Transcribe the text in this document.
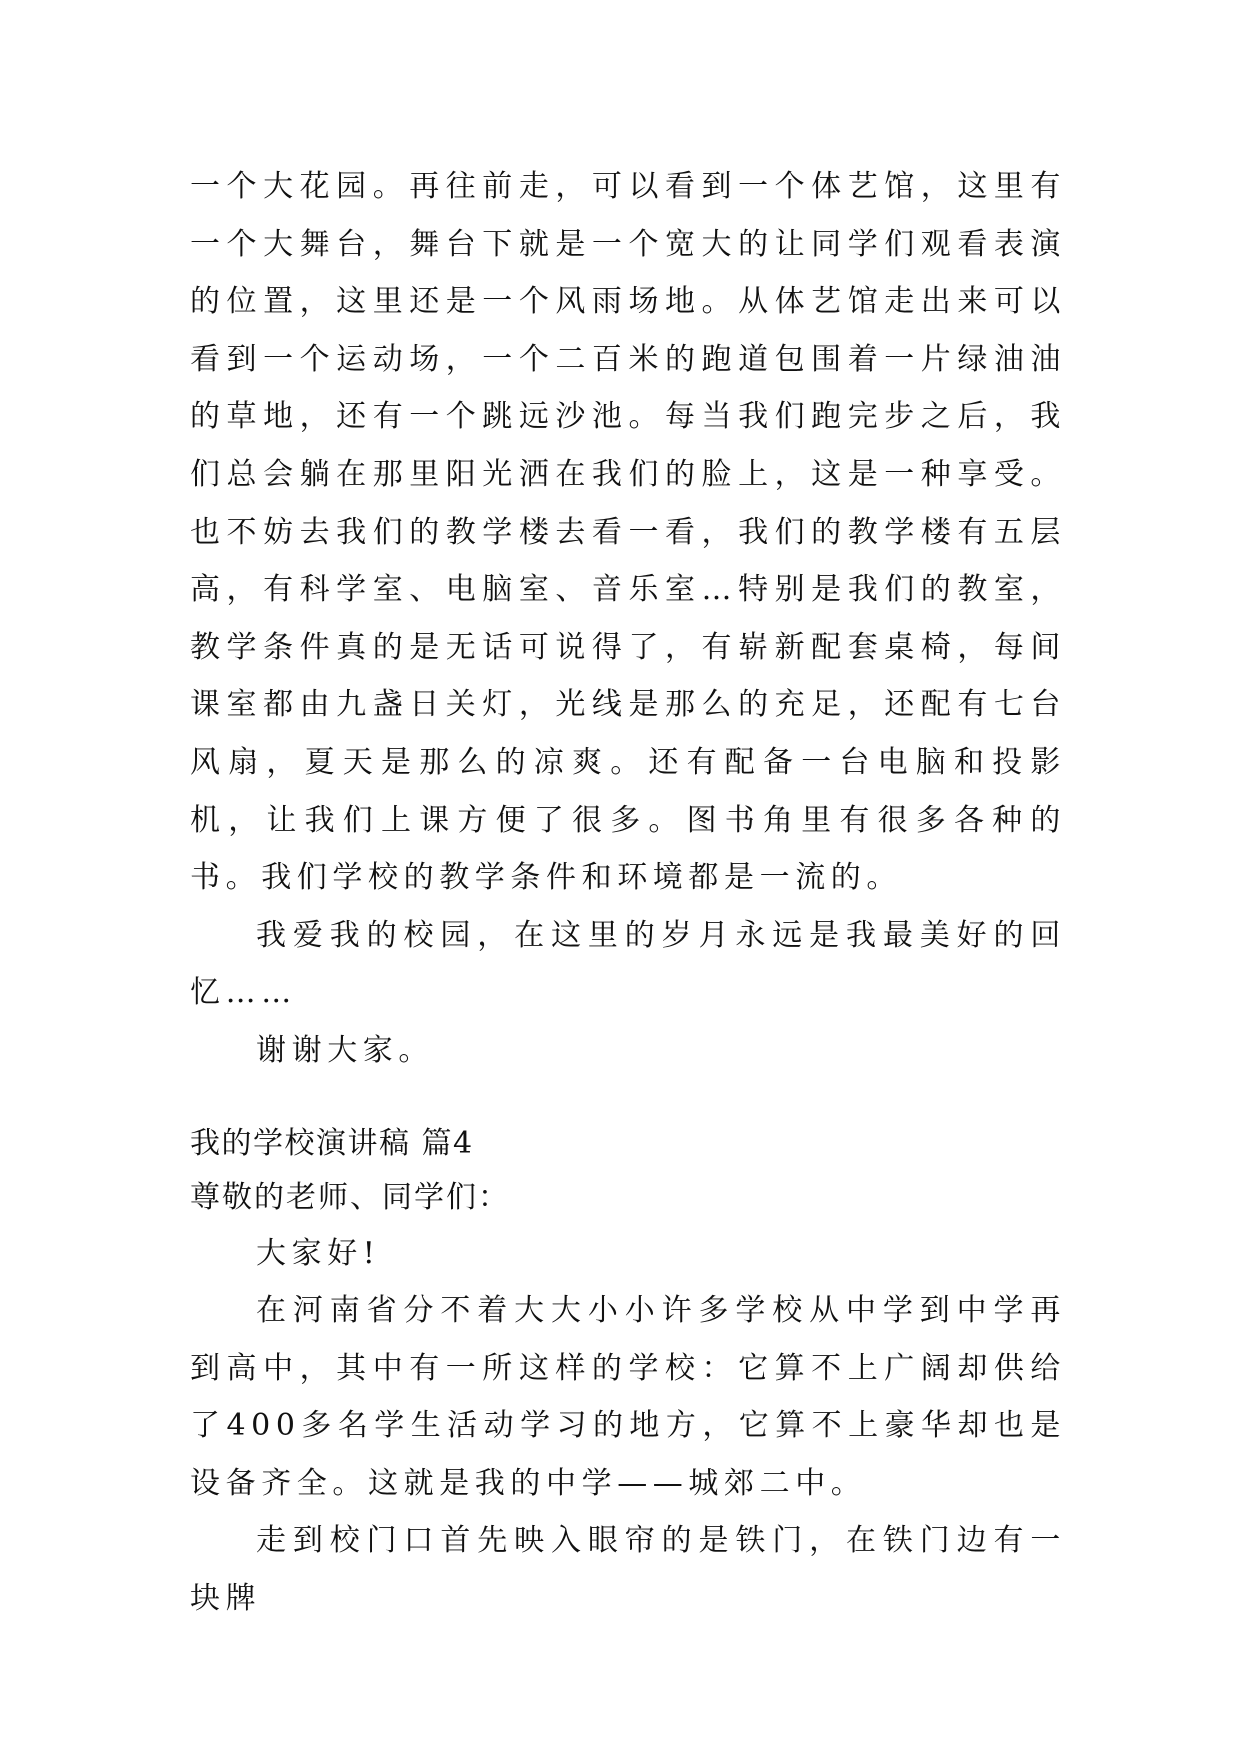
一个大花园。再往前走，可以看到一个体艺馆，这里有一个大舞台，舞台下就是一个宽大的让同学们观看表演的位置，这里还是一个风雨场地。从体艺馆走出来可以看到一个运动场，一个二百米的跑道包围着一片绿油油的草地，还有一个跳远沙池。每当我们跑完步之后，我们总会躺在那里阳光洒在我们的脸上，这是一种享受。也不妨去我们的教学楼去看一看，我们的教学楼有五层高，有科学室、电脑室、音乐室…特别是我们的教室，教学条件真的是无话可说得了，有崭新配套桌椅，每间课室都由九盏日关灯，光线是那么的充足，还配有七台风扇，夏天是那么的凉爽。还有配备一台电脑和投影机，让我们上课方便了很多。图书角里有很多各种的书。我们学校的教学条件和环境都是一流的。

我爱我的校园，在这里的岁月永远是我最美好的回忆……

谢谢大家。

我的学校演讲稿 篇4

尊敬的老师、同学们：

大家好!

在河南省分不着大大小小许多学校从中学到中学再到高中，其中有一所这样的学校：它算不上广阔却供给了400多名学生活动学习的地方，它算不上豪华却也是设备齐全。这就是我的中学——城郊二中。

走到校门口首先映入眼帘的是铁门，在铁门边有一块牌
